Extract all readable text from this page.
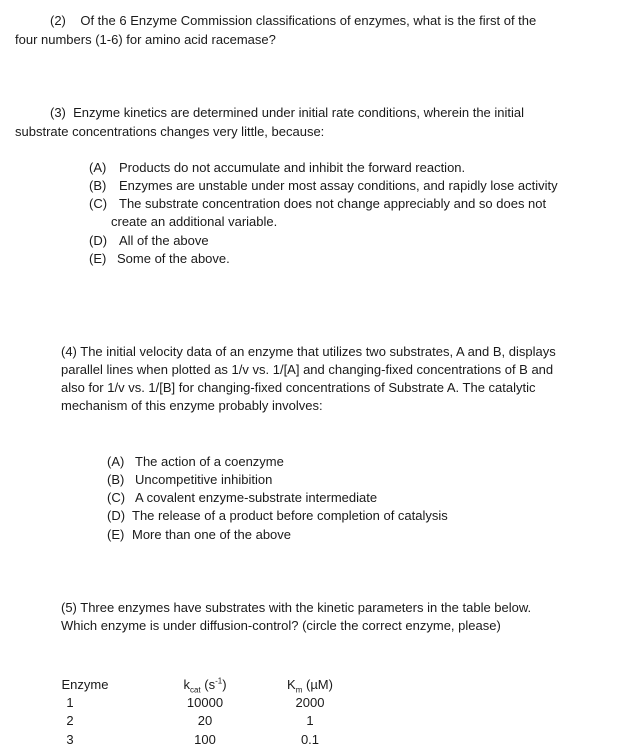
(2) Of the 6 Enzyme Commission classifications of enzymes, what is the first of the
four numbers (1-6) for amino acid racemase?
(3) Enzyme kinetics are determined under initial rate conditions, wherein the initial
substrate concentrations changes very little, because:
(A) Products do not accumulate and inhibit the forward reaction.
(B) Enzymes are unstable under most assay conditions, and rapidly lose activity
(C) The substrate concentration does not change appreciably and so does not
create an additional variable.
(D) All of the above
(E) Some of the above.
(4) The initial velocity data of an enzyme that utilizes two substrates, A and B, displays
parallel lines when plotted as 1/v vs. 1/[A] and changing-fixed concentrations of B and
also for 1/v vs. 1/[B] for changing-fixed concentrations of Substrate A. The catalytic
mechanism of this enzyme probably involves:
(A) The action of a coenzyme
(B) Uncompetitive inhibition
(C) A covalent enzyme-substrate intermediate
(D) The release of a product before completion of catalysis
(E) More than one of the above
(5) Three enzymes have substrates with the kinetic parameters in the table below.
Which enzyme is under diffusion-control? (circle the correct enzyme, please)
Enzyme	$k_{cat}$ $(s^{-1})$	$K_m$ (µM)
1	10000	2000
2	20	1
3	100	0.1
